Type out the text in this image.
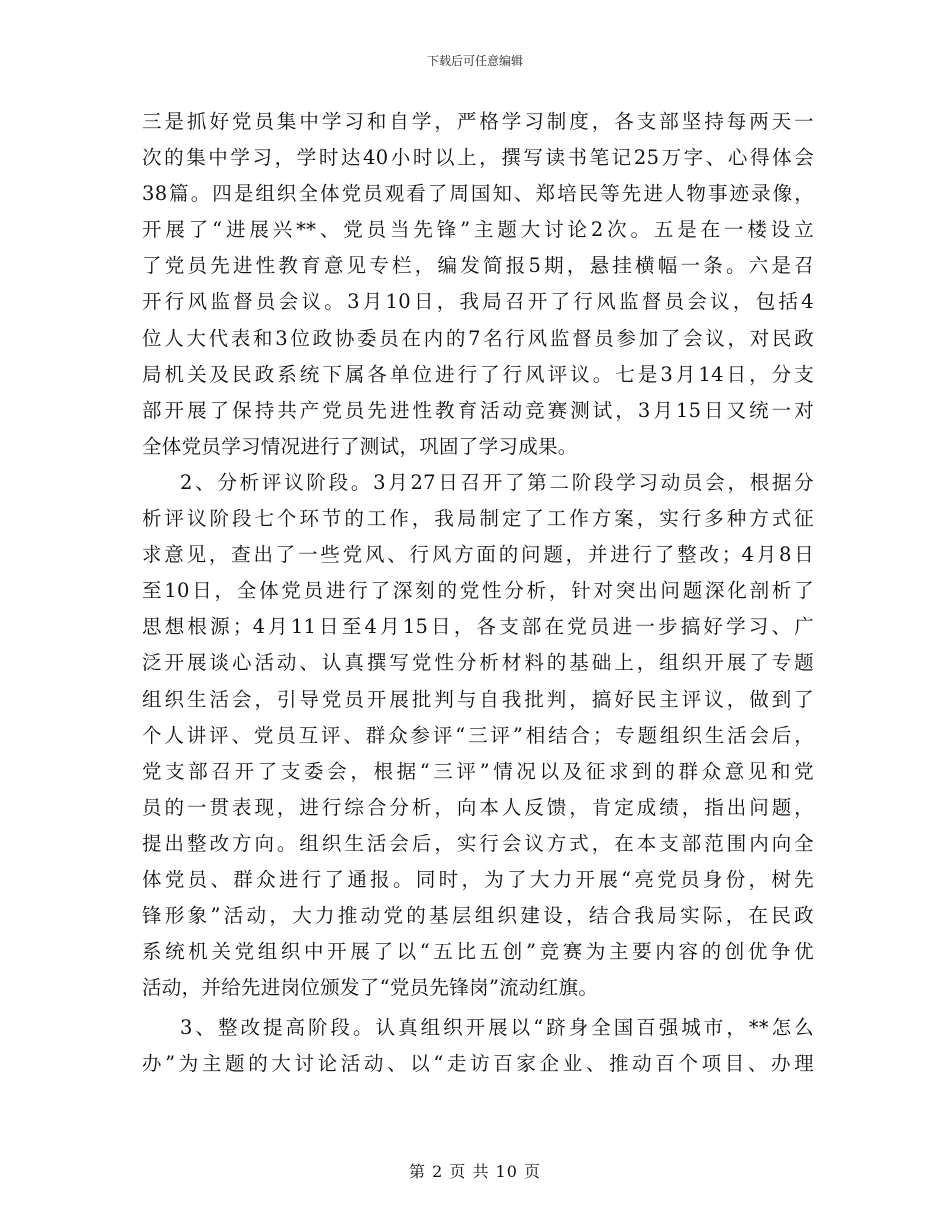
下载后可任意编辑
三是抓好党员集中学习和自学，严格学习制度，各支部坚持每两天一
次的集中学习，学时达40小时以上，撰写读书笔记25万字、心得体会
38篇。四是组织全体党员观看了周国知、郑培民等先进人物事迹录像，
开展了“进展兴**、党员当先锋”主题大讨论2次。五是在一楼设立
了党员先进性教育意见专栏，编发简报5期，悬挂横幅一条。六是召
开行风监督员会议。3月10日，我局召开了行风监督员会议，包括4
位人大代表和3位政协委员在内的7名行风监督员参加了会议，对民政
局机关及民政系统下属各单位进行了行风评议。七是3月14日，分支
部开展了保持共产党员先进性教育活动竞赛测试，3月15日又统一对
全体党员学习情况进行了测试，巩固了学习成果。
2、分析评议阶段。3月27日召开了第二阶段学习动员会，根据分
析评议阶段七个环节的工作，我局制定了工作方案，实行多种方式征
求意见，查出了一些党风、行风方面的问题，并进行了整改；4月8日
至10日，全体党员进行了深刻的党性分析，针对突出问题深化剖析了
思想根源；4月11日至4月15日，各支部在党员进一步搞好学习、广
泛开展谈心活动、认真撰写党性分析材料的基础上，组织开展了专题
组织生活会，引导党员开展批判与自我批判，搞好民主评议，做到了
个人讲评、党员互评、群众参评“三评”相结合；专题组织生活会后，
党支部召开了支委会，根据“三评”情况以及征求到的群众意见和党
员的一贯表现，进行综合分析，向本人反馈，肯定成绩，指出问题，
提出整改方向。组织生活会后，实行会议方式，在本支部范围内向全
体党员、群众进行了通报。同时，为了大力开展“亮党员身份，树先
锋形象”活动，大力推动党的基层组织建设，结合我局实际，在民政
系统机关党组织中开展了以“五比五创”竞赛为主要内容的创优争优
活动，并给先进岗位颁发了“党员先锋岗”流动红旗。
3、整改提高阶段。认真组织开展以“跻身全国百强城市，**怎么
办”为主题的大讨论活动、以“走访百家企业、推动百个项目、办理
第 2 页 共 10 页
